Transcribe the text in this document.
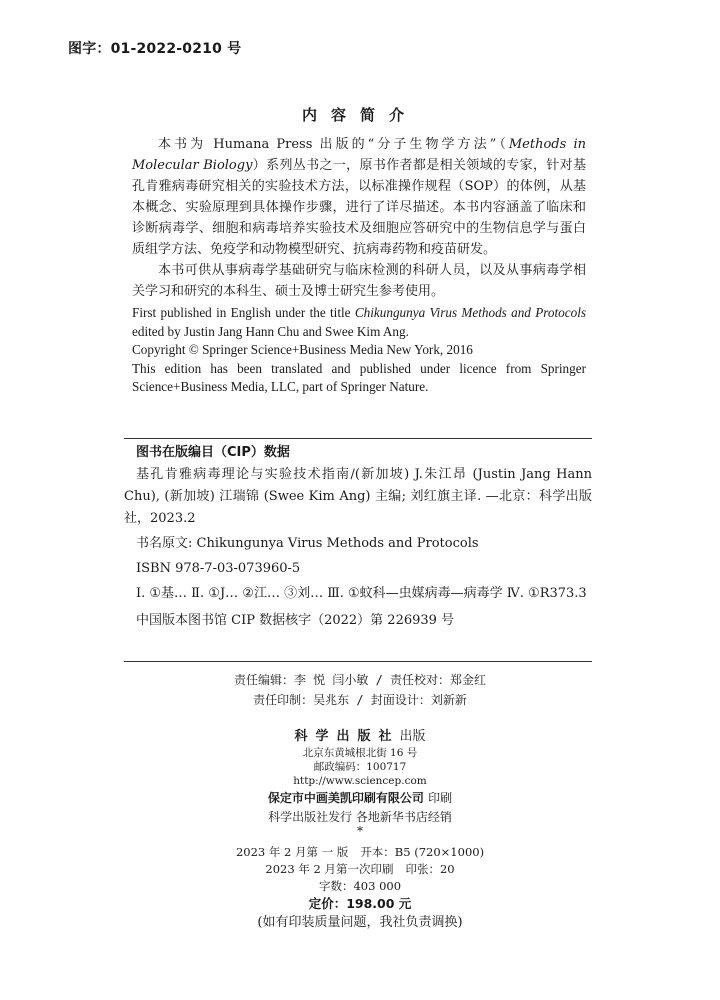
图字：01-2022-0210 号
内容简介

本书为 Humana Press 出版的“分子生物学方法”（Methods in Molecular Biology）系列丛书之一，原书作者都是相关领域的专家，针对基孔肯雅病毒研究相关的实验技术方法，以标准操作规程（SOP）的体例，从基本概念、实验原理到具体操作步骤，进行了详尽描述。本书内容涵盖了临床和诊断病毒学、细胞和病毒培养实验技术及细胞应答研究中的生物信息学与蛋白质组学方法、免疫学和动物模型研究、抗病毒药物和疫苗研发。

本书可供从事病毒学基础研究与临床检测的科研人员，以及从事病毒学相关学习和研究的本科生、硕士及博士研究生参考使用。

First published in English under the title Chikungunya Virus Methods and Protocols edited by Justin Jang Hann Chu and Swee Kim Ang.

Copyright © Springer Science+Business Media New York, 2016

This edition has been translated and published under licence from Springer Science+Business Media, LLC, part of Springer Nature.

图书在版编目（CIP）数据
基孔肯雅病毒理论与实验技术指南/(新加坡) J.朱江昂 (Justin Jang Hann Chu), (新加坡) 江瑞锦 (Swee Kim Ang) 主编; 刘红旗主译. —北京：科学出版社，2023.2
书名原文: Chikungunya Virus Methods and Protocols
ISBN 978-7-03-073960-5
Ⅰ. ①基… Ⅱ. ①J… ②江… ③刘… Ⅲ. ①蚊科—虫媒病毒—病毒学 Ⅳ. ①R373.3
中国版本图书馆 CIP 数据核字（2022）第 226939 号
责任编辑：李 悦 闫小敏 / 责任校对：郑金红
责任印制：吴兆东 / 封面设计：刘新新
科学出版社出版
北京东黄城根北街 16 号
邮政编码：100717
http://www.sciencep.com
保定市中画美凯印刷有限公司 印刷
科学出版社发行 各地新华书店经销
*
2023 年 2 月第 一 版 开本：B5 (720×1000)
2023 年 2 月第一次印刷 印张：20
字数：403 000
定价：198.00 元
(如有印装质量问题，我社负责调换)
